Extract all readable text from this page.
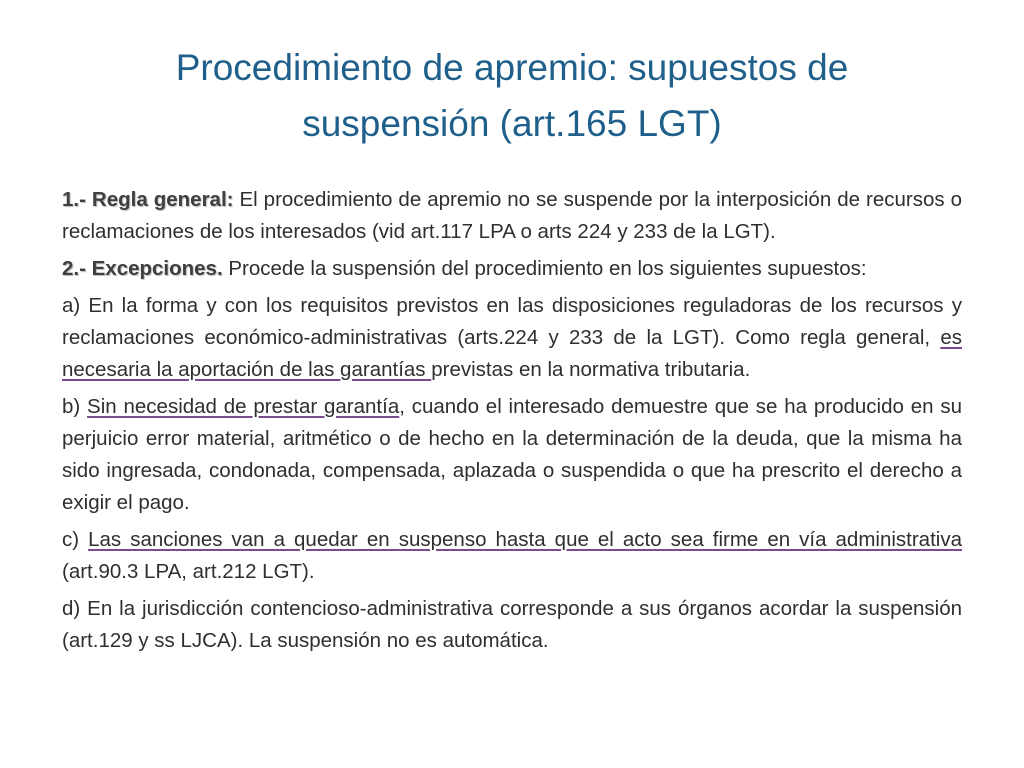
Procedimiento de apremio: supuestos de
suspensión (art.165 LGT)

1.- Regla general: El procedimiento de apremio no se suspende por la interposición de recursos o reclamaciones de los interesados (vid art.117 LPA o arts 224 y 233 de la LGT).

2.- Excepciones. Procede la suspensión del procedimiento en los siguientes supuestos:

a) En la forma y con los requisitos previstos en las disposiciones reguladoras de los recursos y reclamaciones económico-administrativas (arts.224 y 233 de la LGT). Como regla general, es necesaria la aportación de las garantías previstas en la normativa tributaria.

b) Sin necesidad de prestar garantía, cuando el interesado demuestre que se ha producido en su perjuicio error material, aritmético o de hecho en la determinación de la deuda, que la misma ha sido ingresada, condonada, compensada, aplazada o suspendida o que ha prescrito el derecho a exigir el pago.

c) Las sanciones van a quedar en suspenso hasta que el acto sea firme en vía administrativa (art.90.3 LPA, art.212 LGT).

d) En la jurisdicción contencioso-administrativa corresponde a sus órganos acordar la suspensión (art.129 y ss LJCA). La suspensión no es automática.
